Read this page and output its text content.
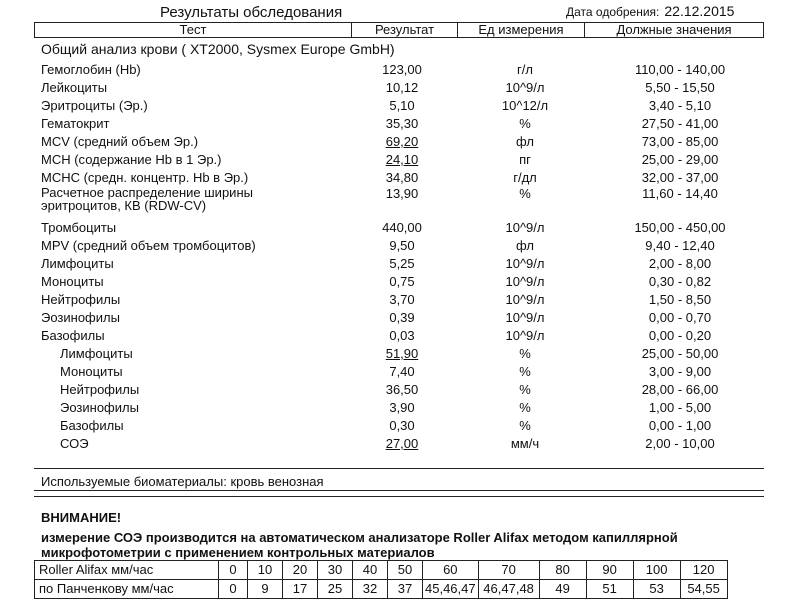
Результаты обследования	Дата одобрения: 22.12.2015
Тест	Результат	Ед измерения	Должные значения
Общий анализ крови ( XT2000, Sysmex Europe GmbH)
Гемоглобин (Hb)	123,00	г/л	110,00 - 140,00
Лейкоциты	10,12	10^9/л	5,50 - 15,50
Эритроциты (Эр.)	5,10	10^12/л	3,40 - 5,10
Гематокрит	35,30	%	27,50 - 41,00
MCV (средний объем Эр.)	69,20	фл	73,00 - 85,00
MCH (содержание Hb в 1 Эр.)	24,10	пг	25,00 - 29,00
MCHC (средн. концентр. Hb в Эр.)	34,80	г/дл	32,00 - 37,00
Расчетное распределение ширины
эритроцитов, КВ (RDW-CV)
13,90	%	11,60 - 14,40
Тромбоциты	440,00	10^9/л	150,00 - 450,00
MPV (средний объем тромбоцитов)	9,50	фл	9,40 - 12,40
Лимфоциты	5,25	10^9/л	2,00 - 8,00
Моноциты	0,75	10^9/л	0,30 - 0,82
Нейтрофилы	3,70	10^9/л	1,50 - 8,50
Эозинофилы	0,39	10^9/л	0,00 - 0,70
Базофилы	0,03	10^9/л	0,00 - 0,20
Лимфоциты	51,90	%	25,00 - 50,00
Моноциты	7,40	%	3,00 - 9,00
Нейтрофилы	36,50	%	28,00 - 66,00
Эозинофилы	3,90	%	1,00 - 5,00
Базофилы	0,30	%	0,00 - 1,00
СОЭ	27,00	мм/ч	2,00 - 10,00
Используемые биоматериалы: кровь венозная
ВНИМАНИЕ!
измерение СОЭ производится на автоматическом анализаторе Roller Alifax методом капиллярной
микрофотометрии с применением контрольных материалов
Roller Alifax мм/час	0	10	20	30	40	50	60	70	80	90	100	120
по Панченкову мм/час	0	9	17	25	32	37	45,46,47	46,47,48	49	51	53	54,55
